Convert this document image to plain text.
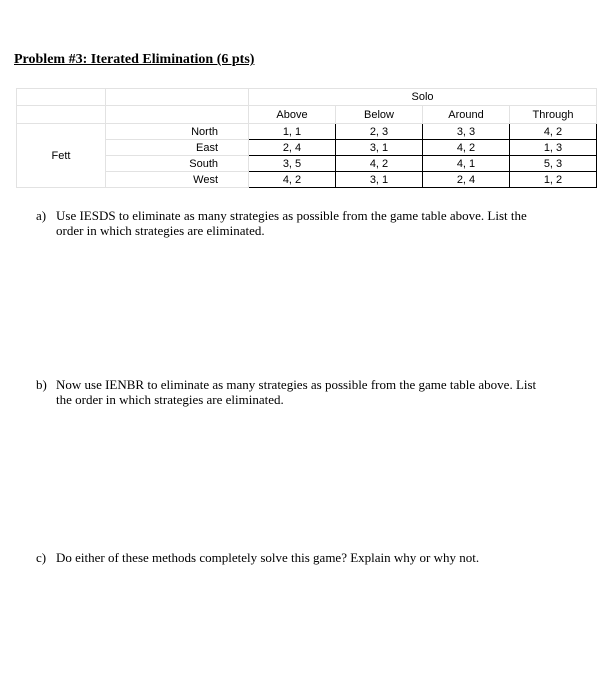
Problem #3: Iterated Elimination (6 pts)
		Solo			
		Above	Below	Around	Through
Fett	North	1, 1	2, 3	3, 3	4, 2
	East	2, 4	3, 1	4, 2	1, 3
	South	3, 5	4, 2	4, 1	5, 3
	West	4, 2	3, 1	2, 4	1, 2
a) Use IESDS to eliminate as many strategies as possible from the game table above. List the order in which strategies are eliminated.
b) Now use IENBR to eliminate as many strategies as possible from the game table above. List the order in which strategies are eliminated.
c) Do either of these methods completely solve this game? Explain why or why not.
